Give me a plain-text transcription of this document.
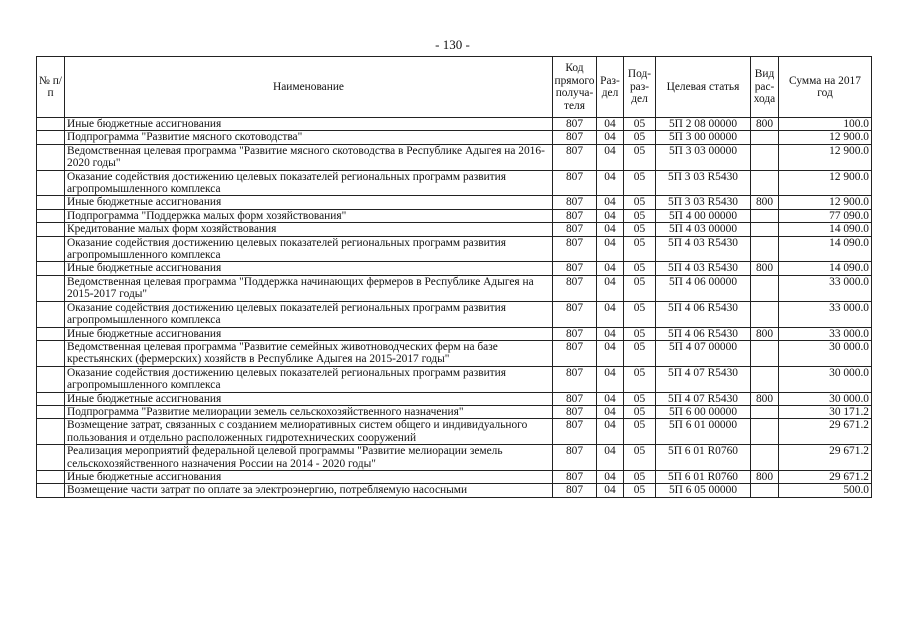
- 130 -
№ п/п	Наименование	Код прямого получа-теля	Раз-дел	Под-раз-дел	Целевая статья	Вид рас-хода	Сумма на 2017 год
	Иные бюджетные ассигнования	807	04	05	5П 2 08 00000	800	100.0
	Подпрограмма "Развитие мясного скотоводства"	807	04	05	5П 3 00 00000		12 900.0
	Ведомственная целевая программа "Развитие мясного скотоводства в Республике Адыгея на 2016-2020 годы"	807	04	05	5П 3 03 00000		12 900.0
	Оказание содействия достижению целевых показателей региональных программ развития агропромышленного комплекса	807	04	05	5П 3 03 R5430		12 900.0
	Иные бюджетные ассигнования	807	04	05	5П 3 03 R5430	800	12 900.0
	Подпрограмма "Поддержка малых форм хозяйствования"	807	04	05	5П 4 00 00000		77 090.0
	Кредитование малых форм хозяйствования	807	04	05	5П 4 03 00000		14 090.0
	Оказание содействия достижению целевых показателей региональных программ развития агропромышленного комплекса	807	04	05	5П 4 03 R5430		14 090.0
	Иные бюджетные ассигнования	807	04	05	5П 4 03 R5430	800	14 090.0
	Ведомственная целевая программа "Поддержка начинающих фермеров в Республике Адыгея на 2015-2017 годы"	807	04	05	5П 4 06 00000		33 000.0
	Оказание содействия достижению целевых показателей региональных программ развития агропромышленного комплекса	807	04	05	5П 4 06 R5430		33 000.0
	Иные бюджетные ассигнования	807	04	05	5П 4 06 R5430	800	33 000.0
	Ведомственная целевая программа "Развитие семейных животноводческих ферм на базе крестьянских (фермерских) хозяйств в Республике Адыгея на 2015-2017 годы"	807	04	05	5П 4 07 00000		30 000.0
	Оказание содействия достижению целевых показателей региональных программ развития агропромышленного комплекса	807	04	05	5П 4 07 R5430		30 000.0
	Иные бюджетные ассигнования	807	04	05	5П 4 07 R5430	800	30 000.0
	Подпрограмма "Развитие мелиорации земель сельскохозяйственного назначения"	807	04	05	5П 6 00 00000		30 171.2
	Возмещение затрат, связанных с созданием мелиоративных систем общего и индивидуального пользования и отдельно расположенных гидротехнических сооружений	807	04	05	5П 6 01 00000		29 671.2
	Реализация мероприятий федеральной целевой программы "Развитие мелиорации земель сельскохозяйственного назначения России на 2014 - 2020 годы"	807	04	05	5П 6 01 R0760		29 671.2
	Иные бюджетные ассигнования	807	04	05	5П 6 01 R0760	800	29 671.2
	Возмещение части затрат по оплате за электроэнергию, потребляемую насосными	807	04	05	5П 6 05 00000		500.0
